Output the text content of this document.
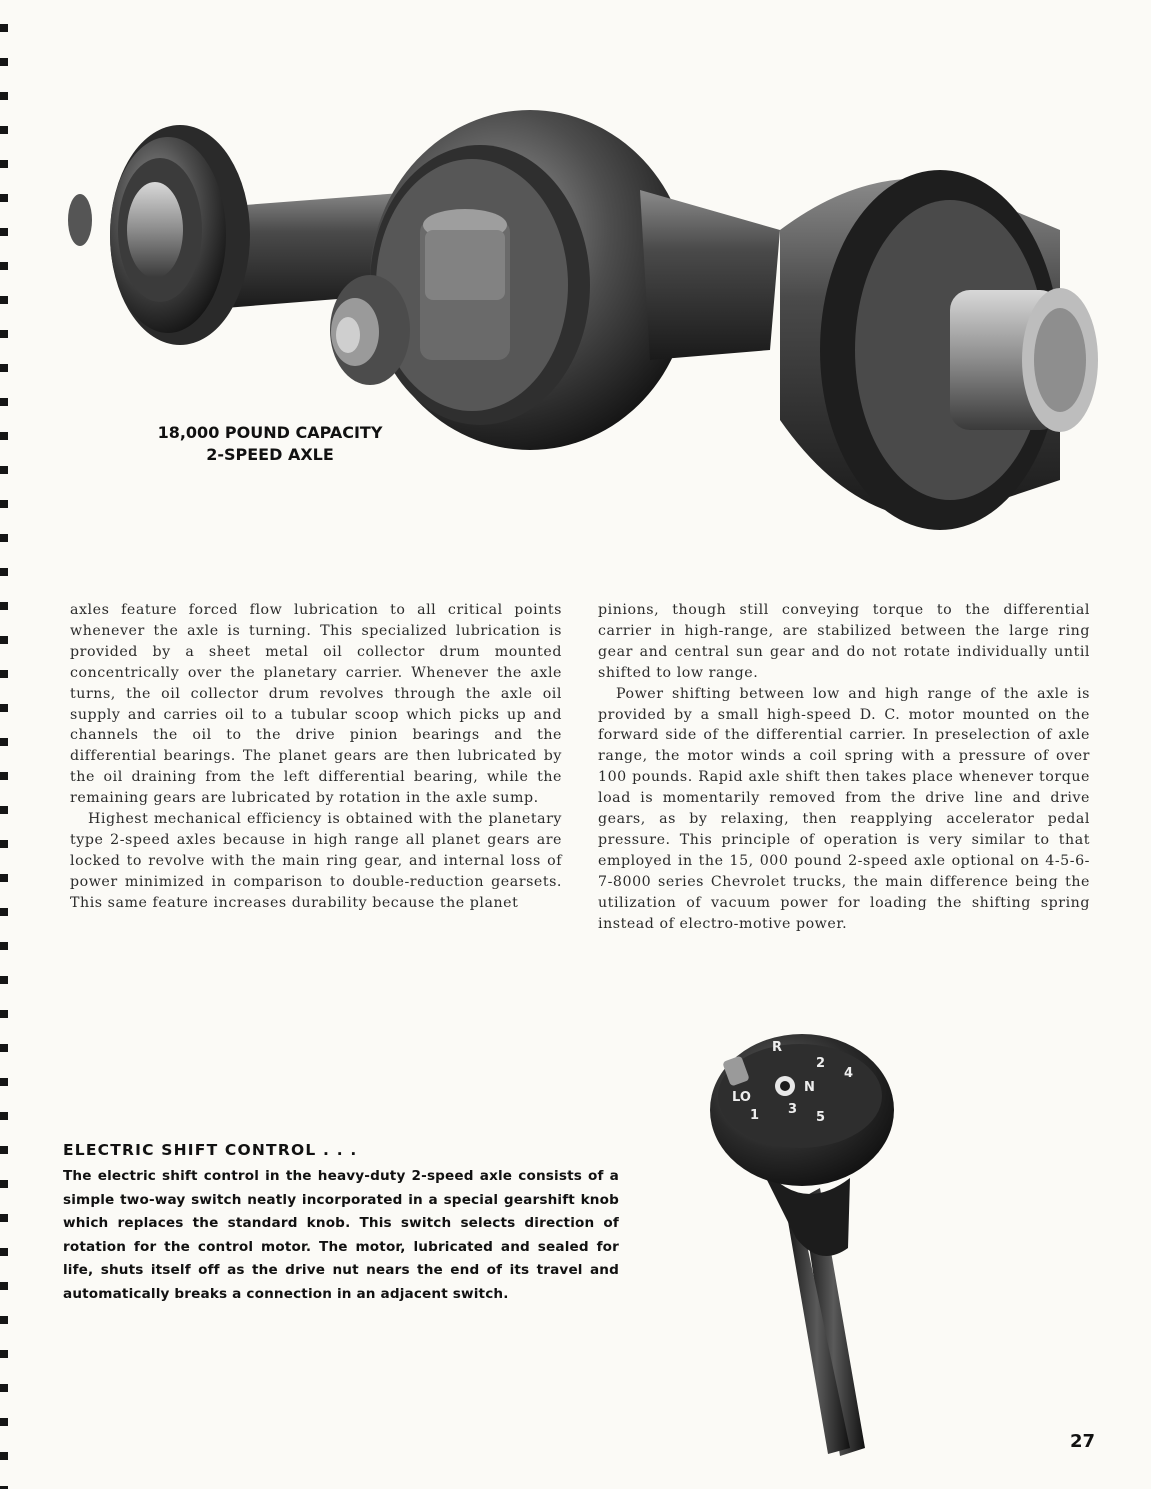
18,000 POUND CAPACITY
2-SPEED AXLE

axles feature forced flow lubrication to all critical points whenever the axle is turning. This specialized lubrication is provided by a sheet metal oil collector drum mounted concentrically over the planetary carrier. Whenever the axle turns, the oil collector drum revolves through the axle oil supply and carries oil to a tubular scoop which picks up and channels the oil to the drive pinion bearings and the differential bearings. The planet gears are then lubricated by the oil draining from the left differential bearing, while the remaining gears are lubricated by rotation in the axle sump.

Highest mechanical efficiency is obtained with the planetary type 2-speed axles because in high range all planet gears are locked to revolve with the main ring gear, and internal loss of power minimized in comparison to double-reduction gearsets. This same feature increases durability because the planet

pinions, though still conveying torque to the differential carrier in high-range, are stabilized between the large ring gear and central sun gear and do not rotate individually until shifted to low range.

Power shifting between low and high range of the axle is provided by a small high-speed D. C. motor mounted on the forward side of the differential carrier. In preselection of axle range, the motor winds a coil spring with a pressure of over 100 pounds. Rapid axle shift then takes place whenever torque load is momentarily removed from the drive line and drive gears, as by relaxing, then reapplying accelerator pedal pressure. This principle of operation is very similar to that employed in the 15, 000 pound 2-speed axle optional on 4-5-6-7-8000 series Chevrolet trucks, the main difference being the utilization of vacuum power for loading the shifting spring instead of electro-motive power.

ELECTRIC SHIFT CONTROL . . .
The electric shift control in the heavy-duty 2-speed axle consists of a simple two-way switch neatly incorporated in a special gearshift knob which replaces the standard knob. This switch selects direction of rotation for the control motor. The motor, lubricated and sealed for life, shuts itself off as the drive nut nears the end of its travel and automatically breaks a connection in an adjacent switch.
R
2
4
LO
N
1 3
5
27
